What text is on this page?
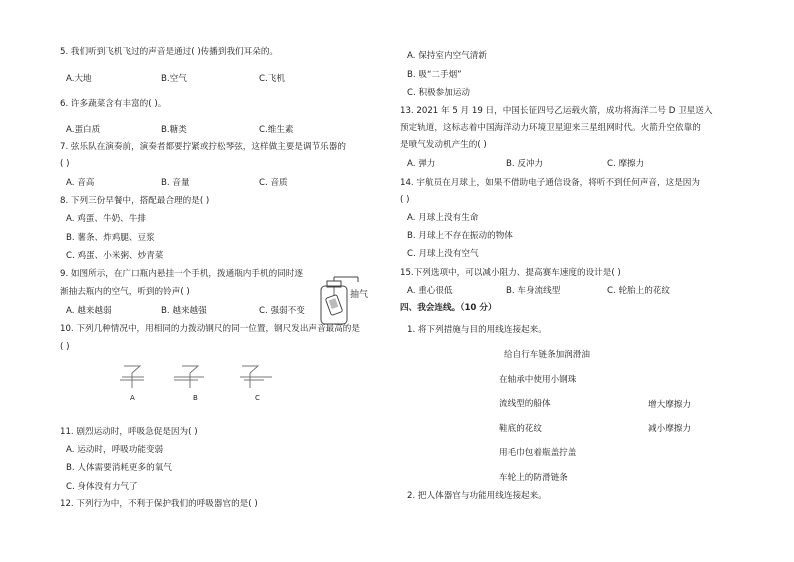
5. 我们听到飞机飞过的声音是通过( )传播到我们耳朵的。
A.大地	B.空气	C.飞机
6. 许多蔬菜含有丰富的( )。
A.蛋白质	B.糖类	C.维生素
7. 弦乐队在演奏前，演奏者都要拧紧或拧松琴弦，这样做主要是调节乐器的
( )
A. 音高	B. 音量	C. 音质
8. 下列三份早餐中，搭配最合理的是( )
A. 鸡蛋、牛奶、牛排
B. 薯条、炸鸡腿、豆浆
C. 鸡蛋、小米粥、炒青菜
9. 如图所示，在广口瓶内悬挂一个手机，拨通瓶内手机的同时逐
渐抽去瓶内的空气，听到的铃声( )
A. 越来越弱	B. 越来越强	C. 强弱不变
抽气
10. 下列几种情况中，用相同的力拨动钢尺的同一位置，钢尺发出声音最高的是
( )
A	B	C
11. 剧烈运动时，呼吸急促是因为( )
A. 运动时，呼吸功能变弱
B. 人体需要消耗更多的氧气
C. 身体没有力气了
12. 下列行为中，不利于保护我们的呼吸器官的是( )
A. 保持室内空气清新
B. 吸“二手烟”
C. 积极参加运动
13. 2021 年 5 月 19 日，中国长征四号乙运载火箭，成功将海洋二号 D 卫星送入
预定轨道，这标志着中国海洋动力环境卫星迎来三星组网时代。火箭升空依靠的
是喷气发动机产生的( )
A. 弹力	B. 反冲力	C. 摩擦力
14. 宇航员在月球上，如果不借助电子通信设备，将听不到任何声音，这是因为
( )
A. 月球上没有生命
B. 月球上不存在振动的物体
C. 月球上没有空气
15.下列选项中，可以减小阻力、提高赛车速度的设计是( )
A. 重心很低	B. 车身流线型	C. 轮胎上的花纹
四、我会连线。（10 分）
1. 将下列措施与目的用线连接起来。
给自行车链条加润滑油
在轴承中使用小钢珠
流线型的船体
鞋底的花纹
用毛巾包着瓶盖拧盖
车轮上的防滑链条
增大摩擦力
减小摩擦力
2. 把人体器官与功能用线连接起来。
